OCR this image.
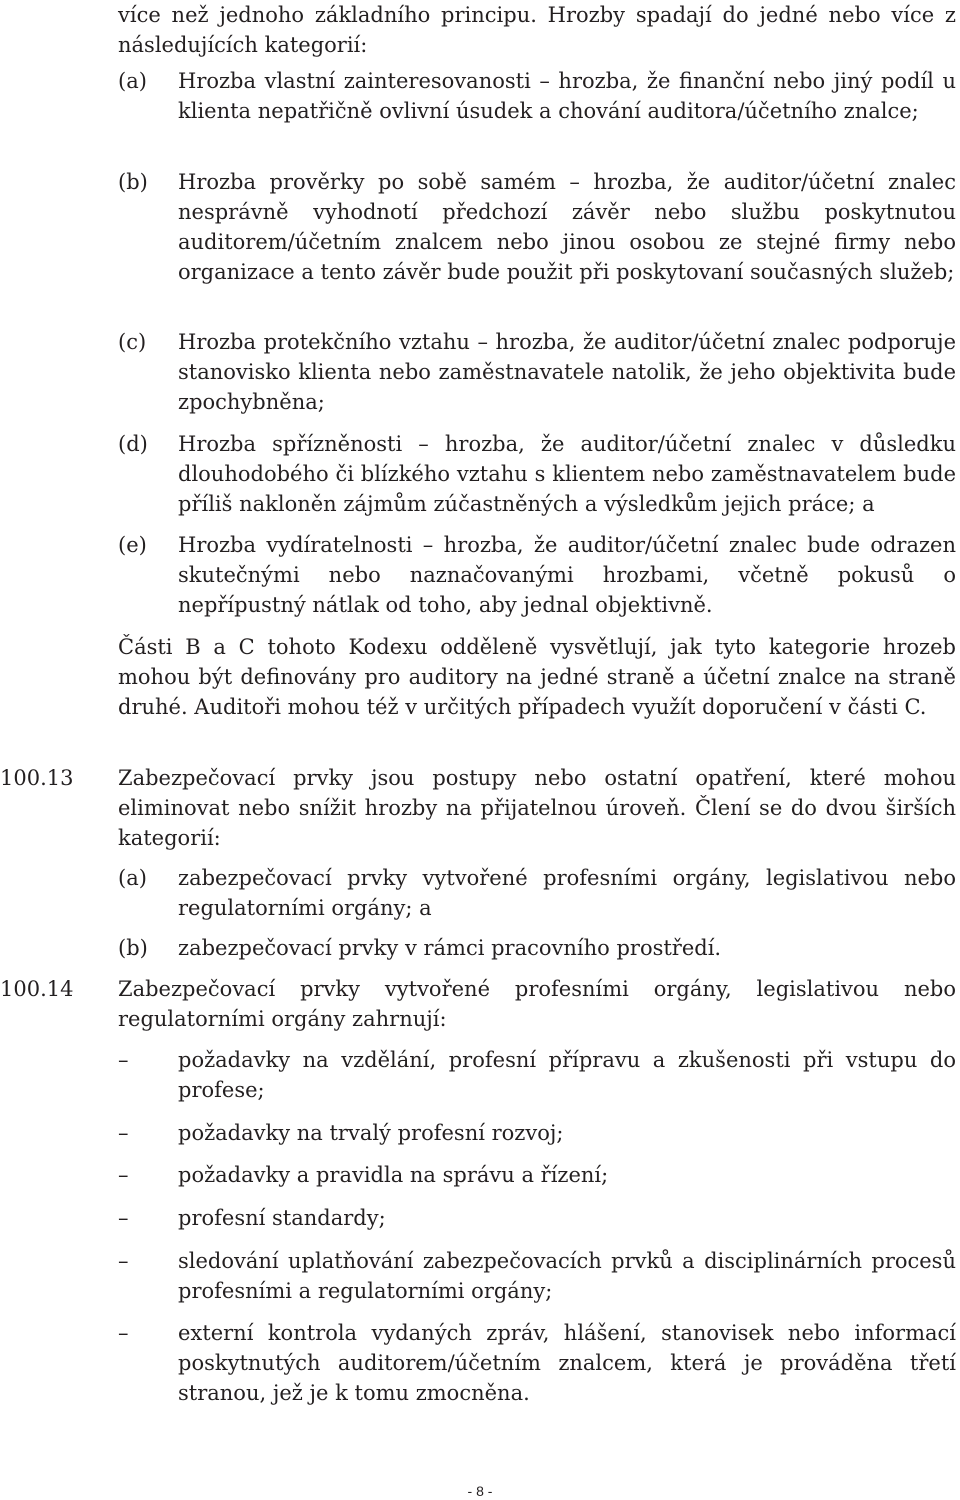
více než jednoho základního principu. Hrozby spadají do jedné nebo více z následujících kategorií:
(a) Hrozba vlastní zainteresovanosti – hrozba, že finanční nebo jiný podíl u klienta nepatřičně ovlivní úsudek a chování auditora/účetního znalce;
(b) Hrozba prověrky po sobě samém – hrozba, že auditor/účetní znalec nesprávně vyhodnotí předchozí závěr nebo službu poskytnutou auditorem/účetním znalcem nebo jinou osobou ze stejné firmy nebo organizace a tento závěr bude použit při poskytovaní současných služeb;
(c) Hrozba protekčního vztahu – hrozba, že auditor/účetní znalec podporuje stanovisko klienta nebo zaměstnavatele natolik, že jeho objektivita bude zpochybněna;
(d) Hrozba spřízněnosti – hrozba, že auditor/účetní znalec v důsledku dlouhodobého či blízkého vztahu s klientem nebo zaměstnavatelem bude příliš nakloněn zájmům zúčastněných a výsledkům jejich práce; a
(e) Hrozba vydíratelnosti – hrozba, že auditor/účetní znalec bude odrazen skutečnými nebo naznačovanými hrozbami, včetně pokusů o nepřípustný nátlak od toho, aby jednal objektivně.
Části B a C tohoto Kodexu odděleně vysvětlují, jak tyto kategorie hrozeb mohou být definovány pro auditory na jedné straně a účetní znalce na straně druhé. Auditoři mohou též v určitých případech využít doporučení v části C.
100.13 Zabezpečovací prvky jsou postupy nebo ostatní opatření, které mohou eliminovat nebo snížit hrozby na přijatelnou úroveň. Člení se do dvou širších kategorií:
(a) zabezpečovací prvky vytvořené profesními orgány, legislativou nebo regulatorními orgány; a
(b) zabezpečovací prvky v rámci pracovního prostředí.
100.14 Zabezpečovací prvky vytvořené profesními orgány, legislativou nebo regulatorními orgány zahrnují:
– požadavky na vzdělání, profesní přípravu a zkušenosti při vstupu do profese;
– požadavky na trvalý profesní rozvoj;
– požadavky a pravidla na správu a řízení;
– profesní standardy;
– sledování uplatňování zabezpečovacích prvků a disciplinárních procesů profesními a regulatorními orgány;
– externí kontrola vydaných zpráv, hlášení, stanovisek nebo informací poskytnutých auditorem/účetním znalcem, která je prováděna třetí stranou, jež je k tomu zmocněna.
- 8 -
